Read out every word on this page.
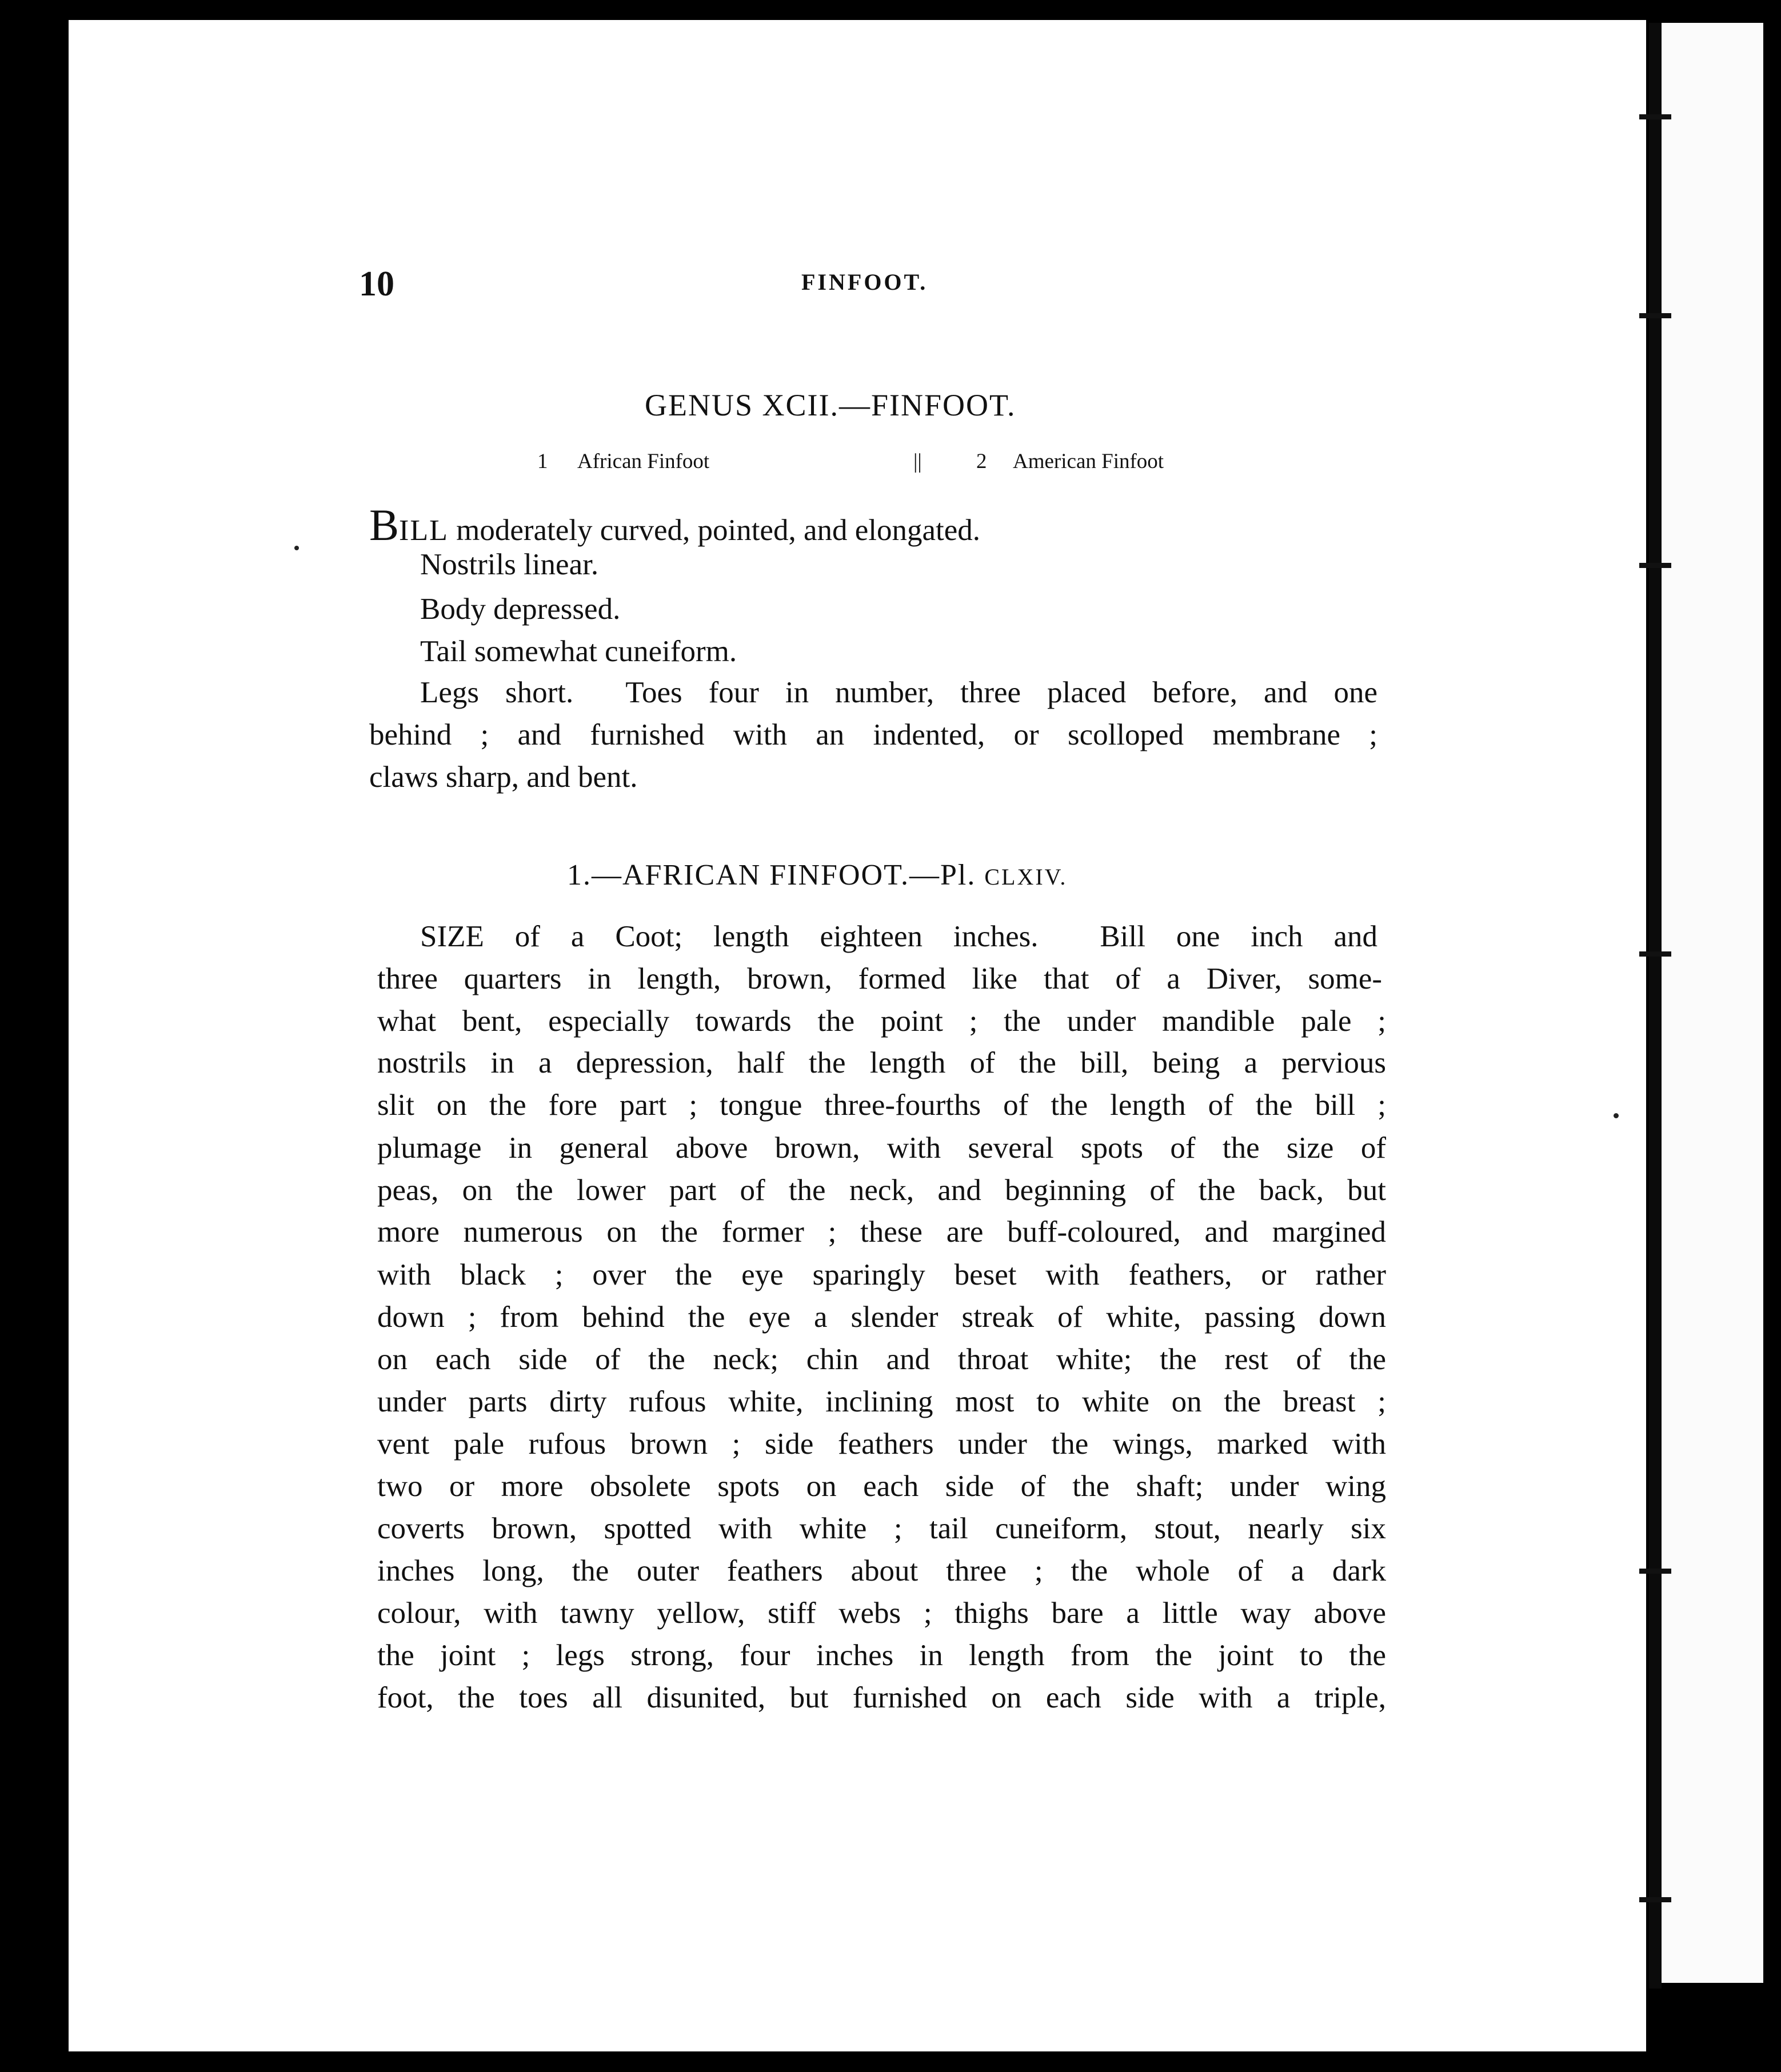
10	FINFOOT.
GENUS XCII.—FINFOOT.
1 African Finfoot	||	2 American Finfoot
BILL moderately curved, pointed, and elongated.
Nostrils linear.
Body depressed.
Tail somewhat cuneiform.
Legs short.  Toes four in number, three placed before, and one
behind ; and furnished with an indented, or scolloped membrane ;
claws sharp, and bent.
1.—AFRICAN FINFOOT.—Pl. CLXIV.
SIZE of a Coot; length eighteen inches.  Bill one inch and
three quarters in length, brown, formed like that of a Diver, some-
what bent, especially towards the point ; the under mandible pale ;
nostrils in a depression, half the length of the bill, being a pervious
slit on the fore part ; tongue three-fourths of the length of the bill ;
plumage in general above brown, with several spots of the size of
peas, on the lower part of the neck, and beginning of the back, but
more numerous on the former ; these are buff-coloured, and margined
with black ; over the eye sparingly beset with feathers, or rather
down ; from behind the eye a slender streak of white, passing down
on each side of the neck; chin and throat white; the rest of the
under parts dirty rufous white, inclining most to white on the breast ;
vent pale rufous brown ; side feathers under the wings, marked with
two or more obsolete spots on each side of the shaft; under wing
coverts brown, spotted with white ; tail cuneiform, stout, nearly six
inches long, the outer feathers about three ; the whole of a dark
colour, with tawny yellow, stiff webs ; thighs bare a little way above
the joint ; legs strong, four inches in length from the joint to the
foot, the toes all disunited, but furnished on each side with a triple,
